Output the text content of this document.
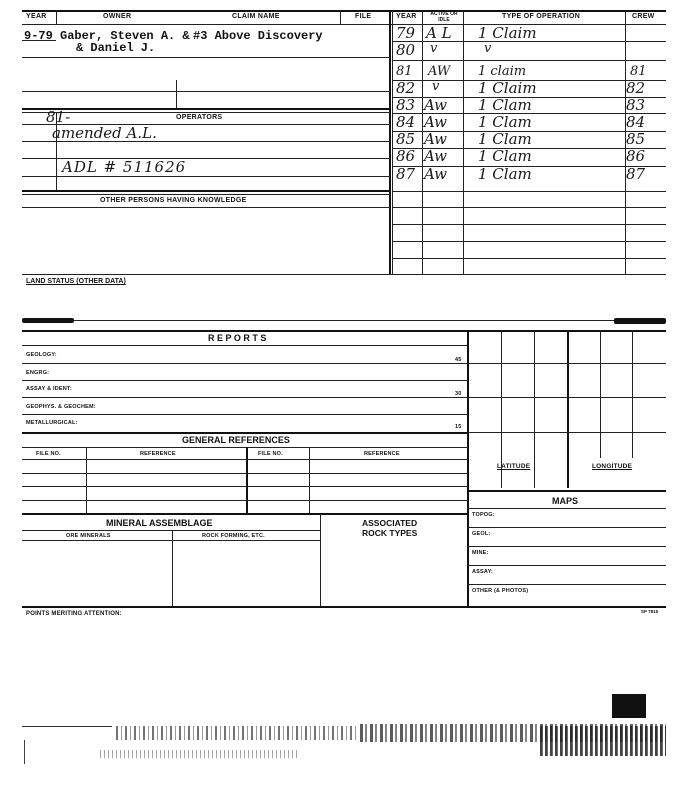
YEAR	OWNER	CLAIM NAME	FILE	YEAR	ACTIVE OR IDLE	TYPE OF OPERATION	CREW
9-79 Gaber, Steven A. & #3 Above Discovery
& Daniel J.
OPERATORS
81-
amended A.L.
ADL # 511626
OTHER PERSONS HAVING KNOWLEDGE
79 A L 1 Claim
80 v	v
81 AW 1 claim	81
82 v	1 Claim	82
83 Aw 1 Clam	83
84 Aw 1 Clam	84
85 Aw 1 Clam	85
86 Aw 1 Clam	86
87 Aw 1 Clam	87
LAND STATUS (OTHER DATA)
R E P O R T S
GEOLOGY:
45
ENGRG:
ASSAY & IDENT:
30
GEOPHYS. & GEOCHEM:
METALLURGICAL:
15
GENERAL REFERENCES
FILE NO.	REFERENCE	FILE NO.	REFERENCE
MINERAL ASSEMBLAGE
ORE MINERALS	ROCK FORMING, ETC.
ASSOCIATED
ROCK TYPES
LATITUDE	LONGITUDE
MAPS
TOPOG:
GEOL:
MINE:
ASSAY:
OTHER (& PHOTOS)
POINTS MERITING ATTENTION:	SP 7815
